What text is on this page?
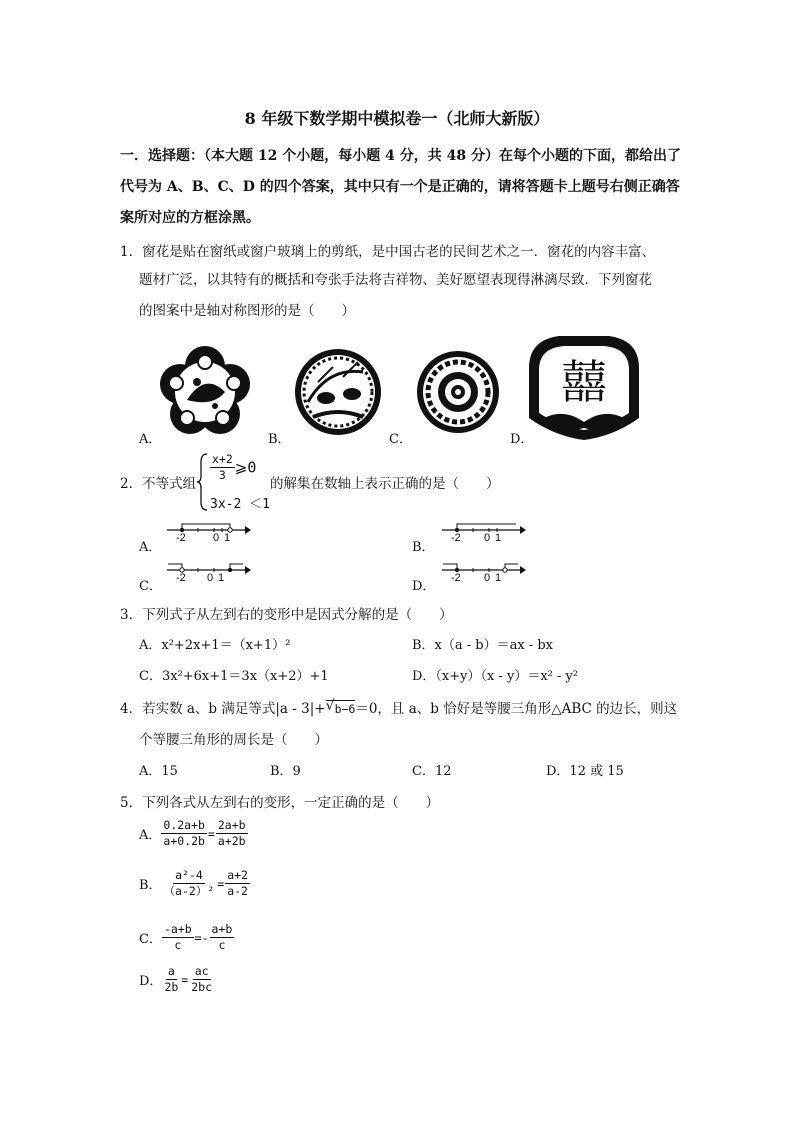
8 年级下数学期中模拟卷一（北师大新版）
一．选择题：（本大题 12 个小题，每小题 4 分，共 48 分）在每个小题的下面，都给出了
代号为 A、B、C、D 的四个答案，其中只有一个是正确的，请将答题卡上题号右侧正确答
案所对应的方框涂黑。
1．窗花是贴在窗纸或窗户玻璃上的剪纸，是中国古老的民间艺术之一．窗花的内容丰富、
题材广泛，以其特有的概括和夸张手法将吉祥物、美好愿望表现得淋漓尽致．下列窗花
的图案中是轴对称图形的是（　　）
囍
A．	B．	C．	D．
2．不等式组
$\frac{x+2}{3}$ ⩾0
3x-2 ＜1
的解集在数轴上表示正确的是（　　）
A．
-2 0 1
B．
-2 0 1
C．
-2 0 1
D．
-2 0 1
3．下列式子从左到右的变形中是因式分解的是（　　）
A．x²+2x+1＝（x+1）²	B．x（a - b）＝ax - bx
C．3x²+6x+1＝3x（x+2）+1	D．（x+y）（x - y）＝x² - y²
4．若实数 a、b 满足等式|a - 3|+ √ b−6＝0，且 a、b 恰好是等腰三角形△ABC 的边长，则这
个等腰三角形的周长是（　　）
A．15	B．9	C．12	D．12 或 15
5．下列各式从左到右的变形，一定正确的是（　　）
A． $\frac{0.2a+b}{a+0.2b} = \frac{2a+b}{a+2b}$
B． $\frac{\text{a²-4}}{\text{（a-2）²}} = \frac{a+2}{a-2}$
C． $\frac{-a+b}{c} =- \frac{a+b}{c}$
D． $\frac{a}{2b} = \frac{ac}{2bc}$
